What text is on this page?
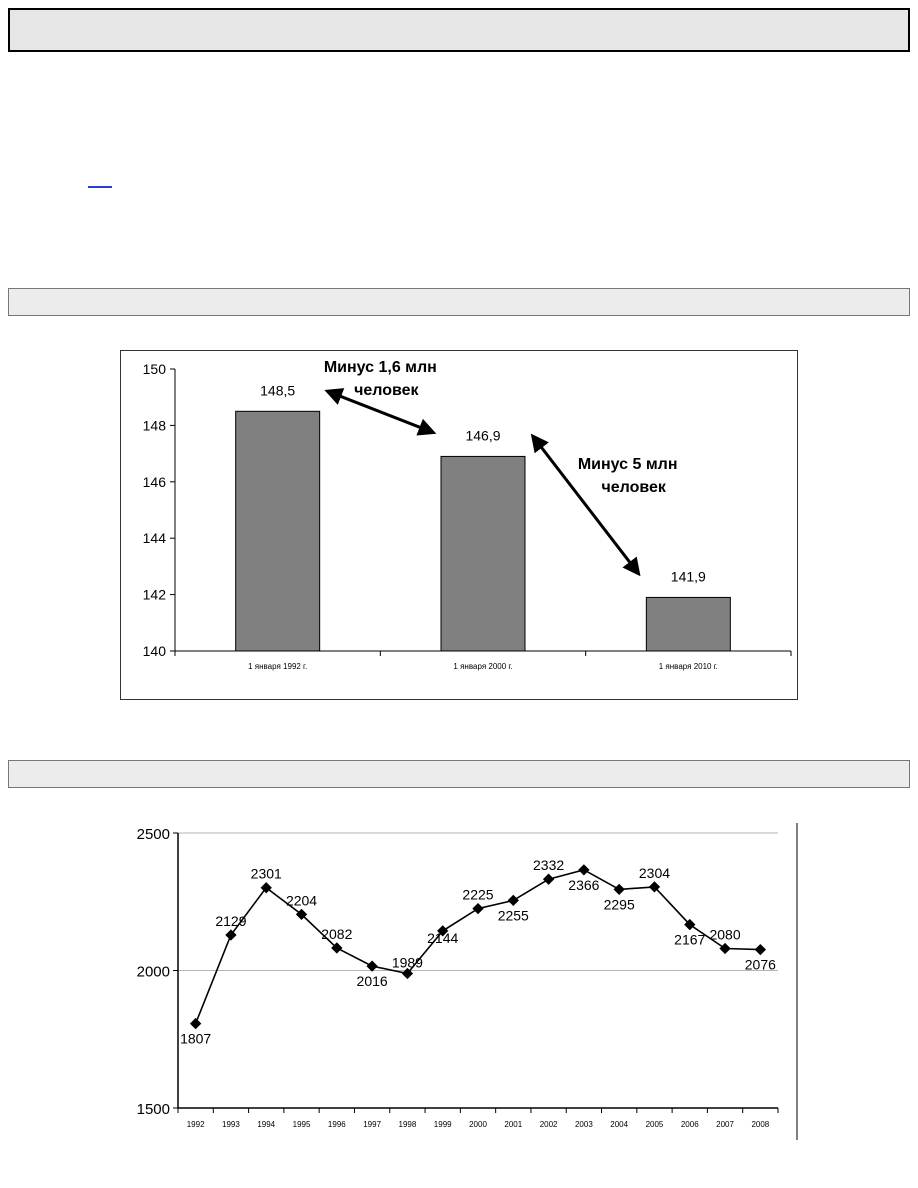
140
142
144
146
148
150
148,5
1 января 1992 г.
146,9
1 января 2000 г.
141,9
1 января 2010 г.
Минус 1,6 млн
человек
Минус 5 млн
человек
1500
2000
2500
1992 1993 1994 1995 1996 1997 1998 1999 2000 2001 2002 2003 2004 2005 2006 2007 2008
1807
2129
2301
2204
2082
2016
1989
2144
2225
2255
2332
2366
2295
2304
2167 2080
2076
